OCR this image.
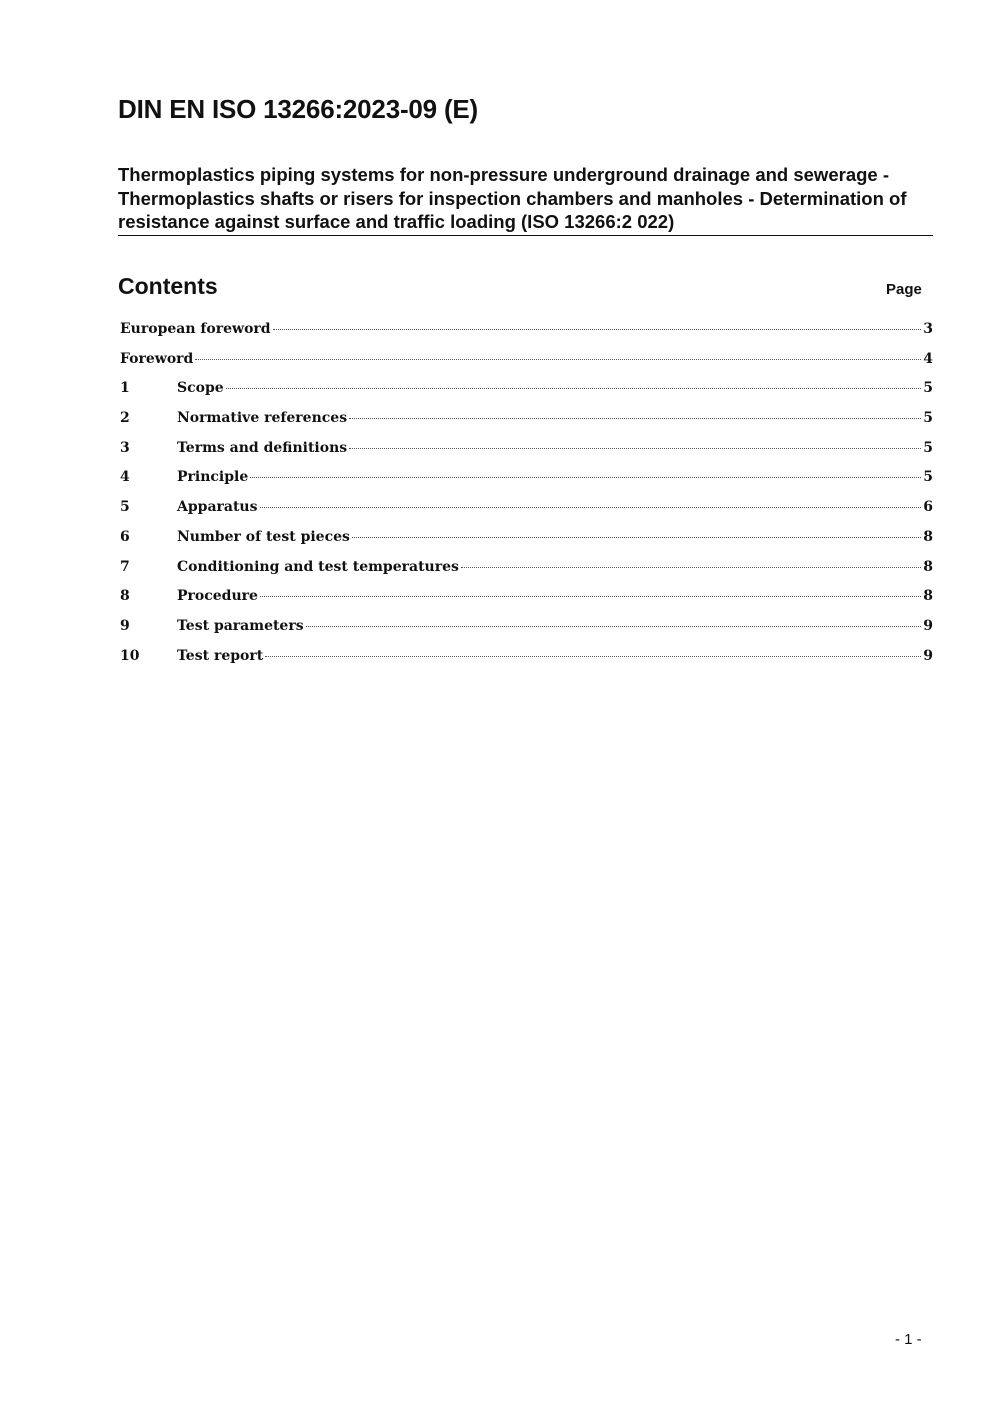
DIN EN ISO 13266:2023-09 (E)
Thermoplastics piping systems for non-pressure underground drainage and sewerage - Thermoplastics shafts or risers for inspection chambers and manholes - Determination of resistance against surface and traffic loading (ISO 13266:2 022)
Contents	Page
European foreword	3
Foreword	4
1	Scope	5
2	Normative references	5
3	Terms and definitions	5
4	Principle	5
5	Apparatus	6
6	Number of test pieces	8
7	Conditioning and test temperatures	8
8	Procedure	8
9	Test parameters	9
10	Test report	9
- 1 -
